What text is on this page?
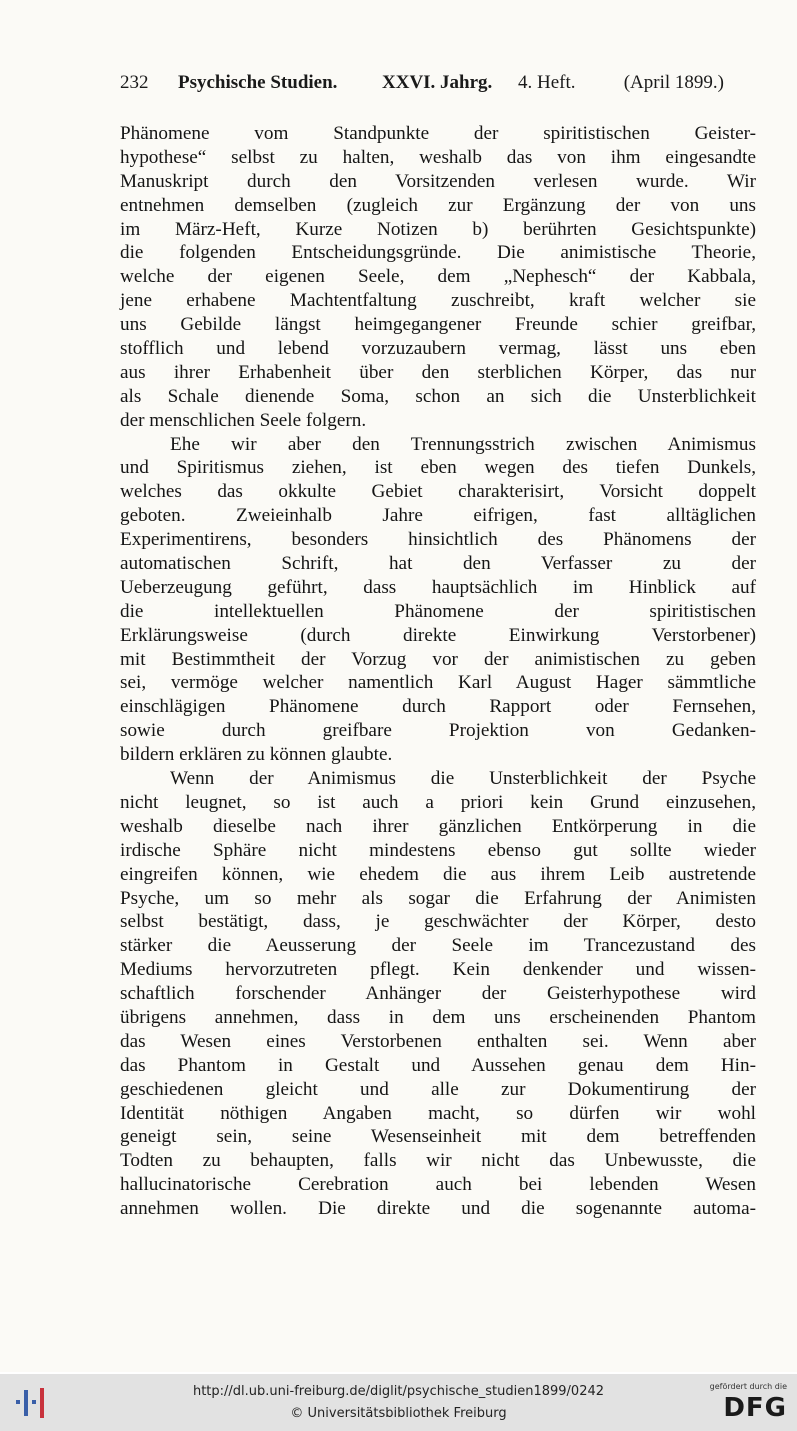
232 Psychische Studien. XXVI. Jahrg. 4. Heft.	(April 1899.)
Phänomene vom Standpunkte der spiritistischen Geister-
hypothese“ selbst zu halten, weshalb das von ihm eingesandte
Manuskript durch den Vorsitzenden verlesen wurde. Wir
entnehmen demselben (zugleich zur Ergänzung der von uns
im März-Heft, Kurze Notizen b) berührten Gesichtspunkte)
die folgenden Entscheidungsgründe. Die animistische Theorie,
welche der eigenen Seele, dem „Nephesch“ der Kabbala,
jene erhabene Machtentfaltung zuschreibt, kraft welcher sie
uns Gebilde längst heimgegangener Freunde schier greifbar,
stofflich und lebend vorzuzaubern vermag, lässt uns eben
aus ihrer Erhabenheit über den sterblichen Körper, das nur
als Schale dienende Soma, schon an sich die Unsterblichkeit
der menschlichen Seele folgern.
Ehe wir aber den Trennungsstrich zwischen Animismus
und Spiritismus ziehen, ist eben wegen des tiefen Dunkels,
welches das okkulte Gebiet charakterisirt, Vorsicht doppelt
geboten. Zweieinhalb Jahre eifrigen, fast alltäglichen
Experimentirens, besonders hinsichtlich des Phänomens der
automatischen Schrift, hat den Verfasser zu der
Ueberzeugung geführt, dass hauptsächlich im Hinblick auf
die intellektuellen Phänomene der spiritistischen
Erklärungsweise (durch direkte Einwirkung Verstorbener)
mit Bestimmtheit der Vorzug vor der animistischen zu geben
sei, vermöge welcher namentlich Karl August Hager sämmtliche
einschlägigen Phänomene durch Rapport oder Fernsehen,
sowie durch greifbare Projektion von Gedanken-
bildern erklären zu können glaubte.
Wenn der Animismus die Unsterblichkeit der Psyche
nicht leugnet, so ist auch a priori kein Grund einzusehen,
weshalb dieselbe nach ihrer gänzlichen Entkörperung in die
irdische Sphäre nicht mindestens ebenso gut sollte wieder
eingreifen können, wie ehedem die aus ihrem Leib austretende
Psyche, um so mehr als sogar die Erfahrung der Animisten
selbst bestätigt, dass, je geschwächter der Körper, desto
stärker die Aeusserung der Seele im Trancezustand des
Mediums hervorzutreten pflegt. Kein denkender und wissen-
schaftlich forschender Anhänger der Geisterhypothese wird
übrigens annehmen, dass in dem uns erscheinenden Phantom
das Wesen eines Verstorbenen enthalten sei. Wenn aber
das Phantom in Gestalt und Aussehen genau dem Hin-
geschiedenen gleicht und alle zur Dokumentirung der
Identität nöthigen Angaben macht, so dürfen wir wohl
geneigt sein, seine Wesenseinheit mit dem betreffenden
Todten zu behaupten, falls wir nicht das Unbewusste, die
hallucinatorische Cerebration auch bei lebenden Wesen
annehmen wollen. Die direkte und die sogenannte automa-
http://dl.ub.uni-freiburg.de/diglit/psychische_studien1899/0242
© Universitätsbibliothek Freiburg
gefördert durch die
DFG
